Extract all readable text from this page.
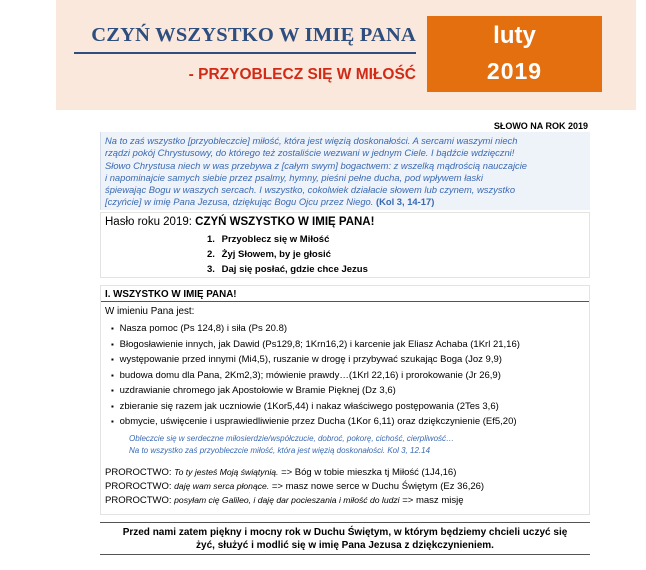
CZYŃ WSZYSTKO W IMIĘ PANA
- PRZYOBLECZ SIĘ W MIŁOŚĆ
luty
2019
SŁOWO NA ROK 2019
Na to zaś wszystko [przyobleczcie] miłość, która jest więzią doskonałości. A sercami waszymi niech
rządzi pokój Chrystusowy, do którego też zostaliście wezwani w jednym Ciele. I bądźcie wdzięczni!
Słowo Chrystusa niech w was przebywa z [całym swym] bogactwem: z wszelką mądrością nauczajcie
i napominajcie samych siebie przez psalmy, hymny, pieśni pełne ducha, pod wpływem łaski
śpiewając Bogu w waszych sercach. I wszystko, cokolwiek działacie słowem lub czynem, wszystko
[czyńcie] w imię Pana Jezusa, dziękując Bogu Ojcu przez Niego. (Kol 3, 14-17)
Hasło roku 2019: CZYŃ WSZYSTKO W IMIĘ PANA!
1. Przyoblecz się w Miłość
2. Żyj Słowem, by je głosić
3. Daj się posłać, gdzie chce Jezus
I. WSZYSTKO W IMIĘ PANA!
W imieniu Pana jest:
▪ Nasza pomoc (Ps 124,8) i siła (Ps 20.8)
▪ Błogosławienie innych, jak Dawid (Ps129,8; 1Krn16,2) i karcenie jak Eliasz Achaba (1Krl 21,16)
▪ występowanie przed innymi (Mi4,5), ruszanie w drogę i przybywać szukając Boga (Joz 9,9)
▪ budowa domu dla Pana, 2Km2,3); mówienie prawdy…(1Krl 22,16) i prorokowanie (Jr 26,9)
▪ uzdrawianie chromego jak Apostołowie w Bramie Pięknej (Dz 3,6)
▪ zbieranie się razem jak uczniowie (1Kor5,44) i nakaz właściwego postępowania (2Tes 3,6)
▪ obmycie, uświęcenie i usprawiedliwienie przez Ducha (1Kor 6,11) oraz dziękczynienie (Ef5,20)
Obleczcie się w serdeczne miłosierdzie/współczucie, dobroć, pokorę, cichość, cierpliwość…
Na to wszystko zaś przyobleczcie miłość, która jest więzią doskonałości. Kol 3, 12.14
PROROCTWO: To ty jesteś Moją świątynią. => Bóg w tobie mieszka tj Miłość (1J4,16)
PROROCTWO: daję wam serca płonące. => masz nowe serce w Duchu Świętym (Ez 36,26)
PROROCTWO: posyłam cię Galileo, i daję dar pocieszania i miłość do ludzi => masz misję
Przed nami zatem piękny i mocny rok w Duchu Świętym, w którym będziemy chcieli uczyć się
żyć, służyć i modlić się w imię Pana Jezusa z dziękczynieniem.
